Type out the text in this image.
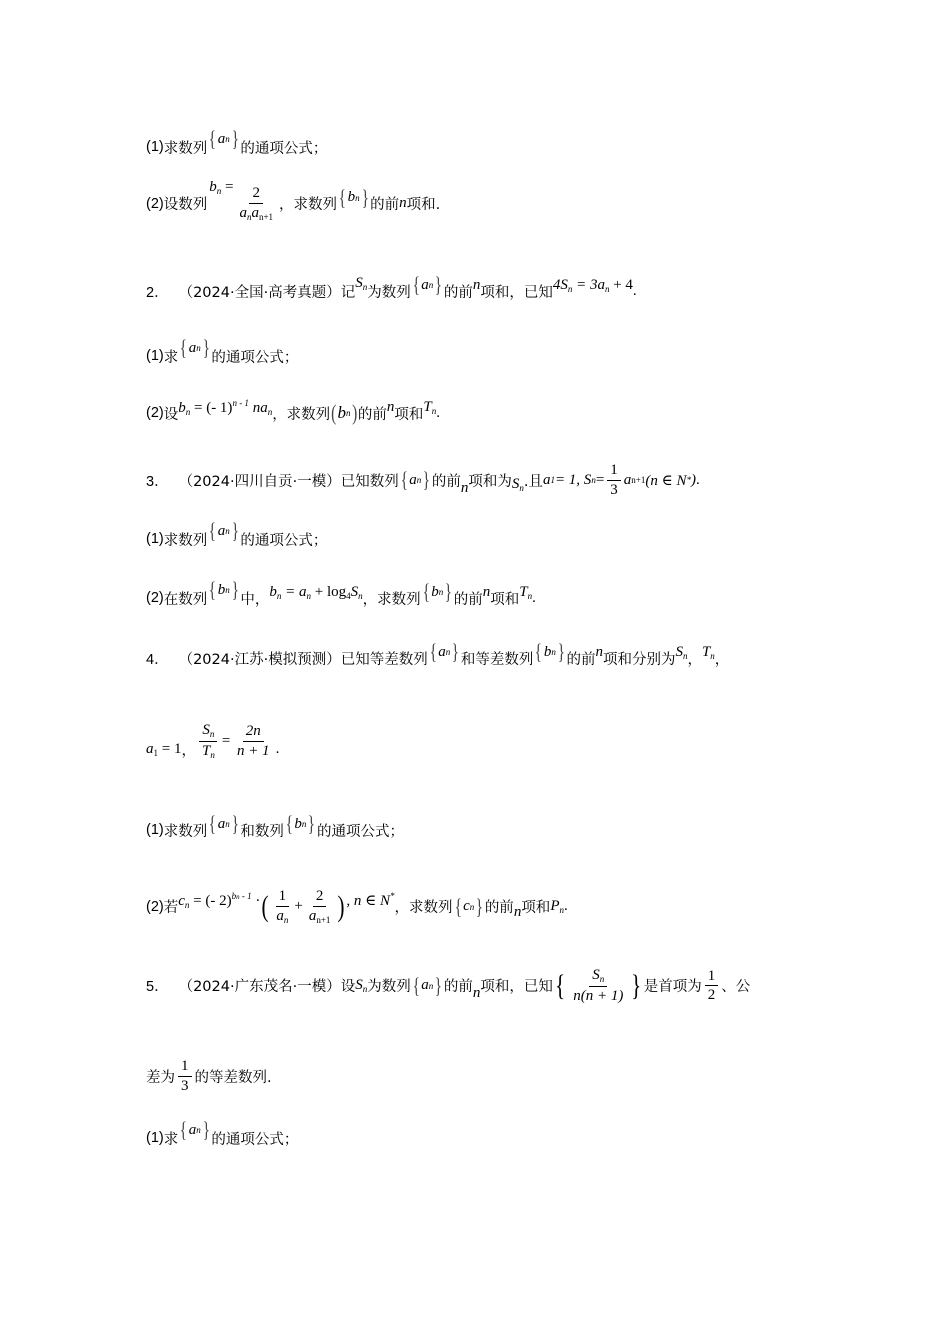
(1) 求数列 { a n } 的通项公式；
(2) 设数列
$b_n = \frac{2}{a_na_{n+1}}$ ，求数列 { b n } 的前 n 项和.
2． （2024·全国·高考真题） 记
$S_n$ 为数列 { a n } 的前 n 项和，已知 $4S_n = 3a_n + 4$ .
(1) 求 { a n } 的通项公式；
(2) 设 $b_n$ = (- 1)$^{n - 1}$ $na_n$ ，求数列 ( b n ) 的前 n 项和 $T_n$ .
3． （2024·四川自贡·一模） 已知数列 { a n } 的前 n 项和为 $S_n$ .且 a 1 = 1, S $n = \frac{1}{3}$ a n+1 (n ∈ N * ) .
(1) 求数列 { a n } 的通项公式；
(2) 在数列 { b n } 中， $b_n = a_n + \log_4S_n$ ，求数列 { b n } 的前 n 项和 $T_n$ .
4． （2024·江苏·模拟预测） 已知等差数列 { a n } 和等差数列 { b n } 的前 n 项和分别为 $S_n$ ， $T_n$ ，
$a_1 = 1$ ， $\frac{S_n}{T_n} = \frac{2n}{n + 1}$ .
(1) 求数列 { a n } 和数列 { b n } 的通项公式；
(2) 若 $c_n$ = (- 2)$^{bn - 1}$ · ( $\frac{1}{a_n} + \frac{2}{a_{n+1}}$ ) , n ∈ N*
，求数列 { c n } 的前 n 项和 $P_n$ .
5． （2024·广东茂名·一模） 设 $S_n$ 为数列 { a n } 的前 n 项和，已知 { $\frac{S_n}{n(n + 1)}$ } 是首项为 $\frac{1}{2}$ 、公
差为 $\frac{1}{3}$ 的等差数列.
(1) 求 { a n } 的通项公式；
